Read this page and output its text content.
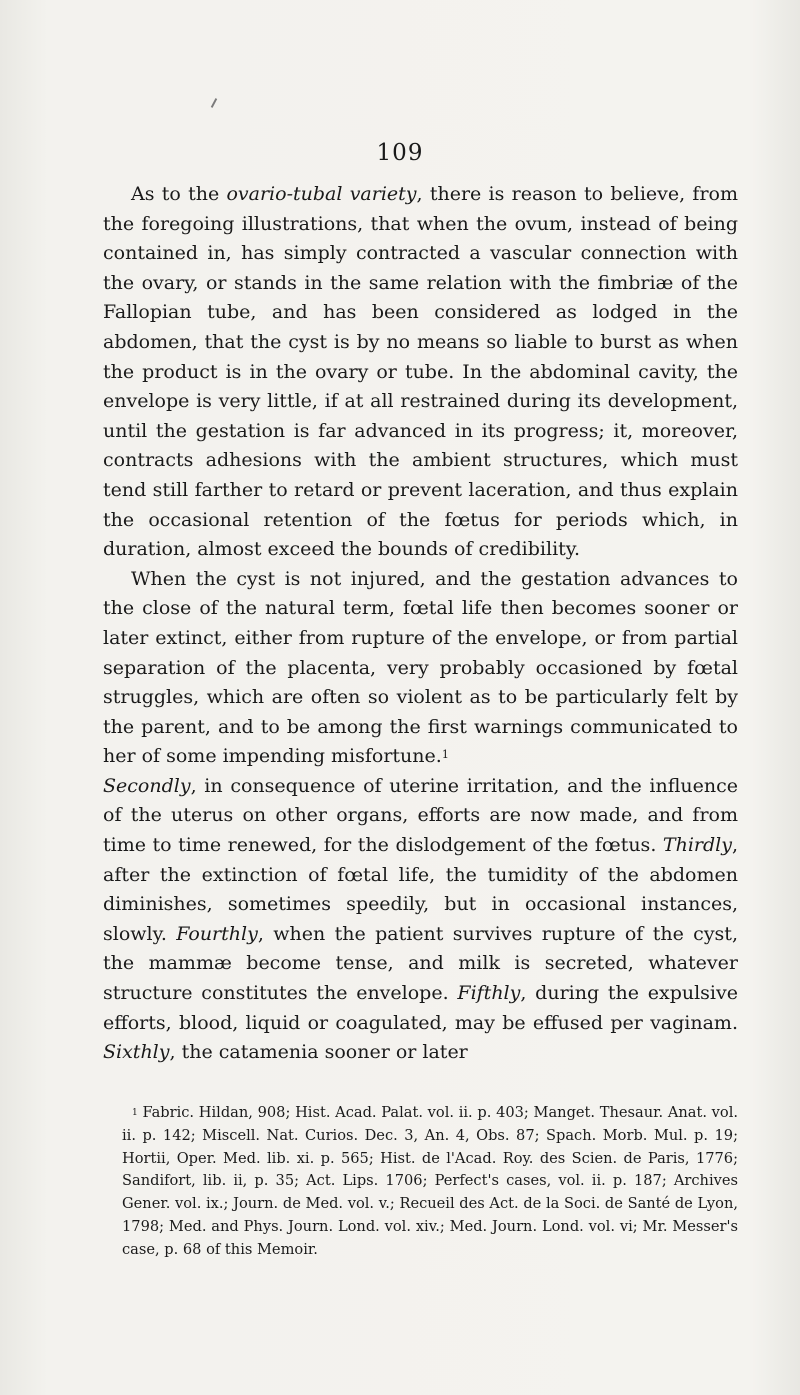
109

As to the ovario-tubal variety, there is reason to believe, from the foregoing illustrations, that when the ovum, instead of being contained in, has simply contracted a vascular connection with the ovary, or stands in the same relation with the fimbriæ of the Fallopian tube, and has been considered as lodged in the abdomen, that the cyst is by no means so liable to burst as when the product is in the ovary or tube. In the abdominal cavity, the envelope is very little, if at all restrained during its development, until the gestation is far advanced in its progress; it, moreover, contracts adhesions with the ambient structures, which must tend still farther to retard or prevent laceration, and thus explain the occasional retention of the fœtus for periods which, in duration, almost exceed the bounds of credibility.

When the cyst is not injured, and the gestation advances to the close of the natural term, fœtal life then becomes sooner or later extinct, either from rupture of the envelope, or from partial separation of the placenta, very probably occasioned by fœtal struggles, which are often so violent as to be particularly felt by the parent, and to be among the first warnings communicated to her of some impending misfortune.$^1$
Secondly, in consequence of uterine irritation, and the influence of the uterus on other organs, efforts are now made, and from time to time renewed, for the dislodgement of the fœtus. Thirdly, after the extinction of fœtal life, the tumidity of the abdomen diminishes, sometimes speedily, but in occasional instances, slowly. Fourthly, when the patient survives rupture of the cyst, the mammæ become tense, and milk is secreted, whatever structure constitutes the envelope. Fifthly, during the expulsive efforts, blood, liquid or coagulated, may be effused per vaginam. Sixthly, the catamenia sooner or later

$^1$ Fabric. Hildan, 908; Hist. Acad. Palat. vol. ii. p. 403; Manget. Thesaur. Anat. vol. ii. p. 142; Miscell. Nat. Curios. Dec. 3, An. 4, Obs. 87; Spach. Morb. Mul. p. 19; Hortii, Oper. Med. lib. xi. p. 565; Hist. de l'Acad. Roy. des Scien. de Paris, 1776; Sandifort, lib. ii, p. 35; Act. Lips. 1706; Perfect's cases, vol. ii. p. 187; Archives Gener. vol. ix.; Journ. de Med. vol. v.; Recueil des Act. de la Soci. de Santé de Lyon, 1798; Med. and Phys. Journ. Lond. vol. xiv.; Med. Journ. Lond. vol. vi; Mr. Messer's case, p. 68 of this Memoir.
